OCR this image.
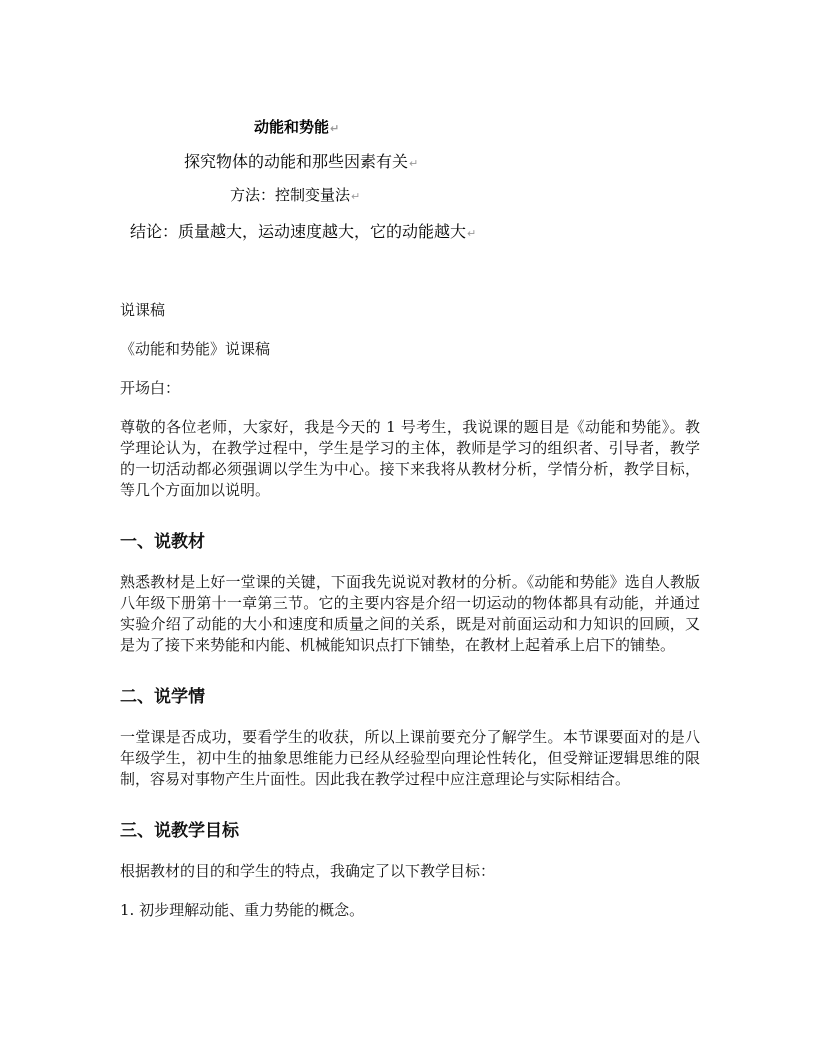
动能和势能↵
探究物体的动能和那些因素有关↵
方法：控制变量法↵
结论：质量越大，运动速度越大，它的动能越大↵

说课稿

《动能和势能》说课稿

开场白：

尊敬的各位老师，大家好，我是今天的 1 号考生，我说课的题目是《动能和势能》。教学理论认为，在教学过程中，学生是学习的主体，教师是学习的组织者、引导者，教学的一切活动都必须强调以学生为中心。接下来我将从教材分析，学情分析，教学目标，等几个方面加以说明。

一、说教材

熟悉教材是上好一堂课的关键，下面我先说说对教材的分析。《动能和势能》选自人教版八年级下册第十一章第三节。它的主要内容是介绍一切运动的物体都具有动能，并通过实验介绍了动能的大小和速度和质量之间的关系，既是对前面运动和力知识的回顾，又是为了接下来势能和内能、机械能知识点打下铺垫，在教材上起着承上启下的铺垫。

二、说学情

一堂课是否成功，要看学生的收获，所以上课前要充分了解学生。本节课要面对的是八年级学生，初中生的抽象思维能力已经从经验型向理论性转化，但受辩证逻辑思维的限制，容易对事物产生片面性。因此我在教学过程中应注意理论与实际相结合。

三、说教学目标

根据教材的目的和学生的特点，我确定了以下教学目标：

1. 初步理解动能、重力势能的概念。
